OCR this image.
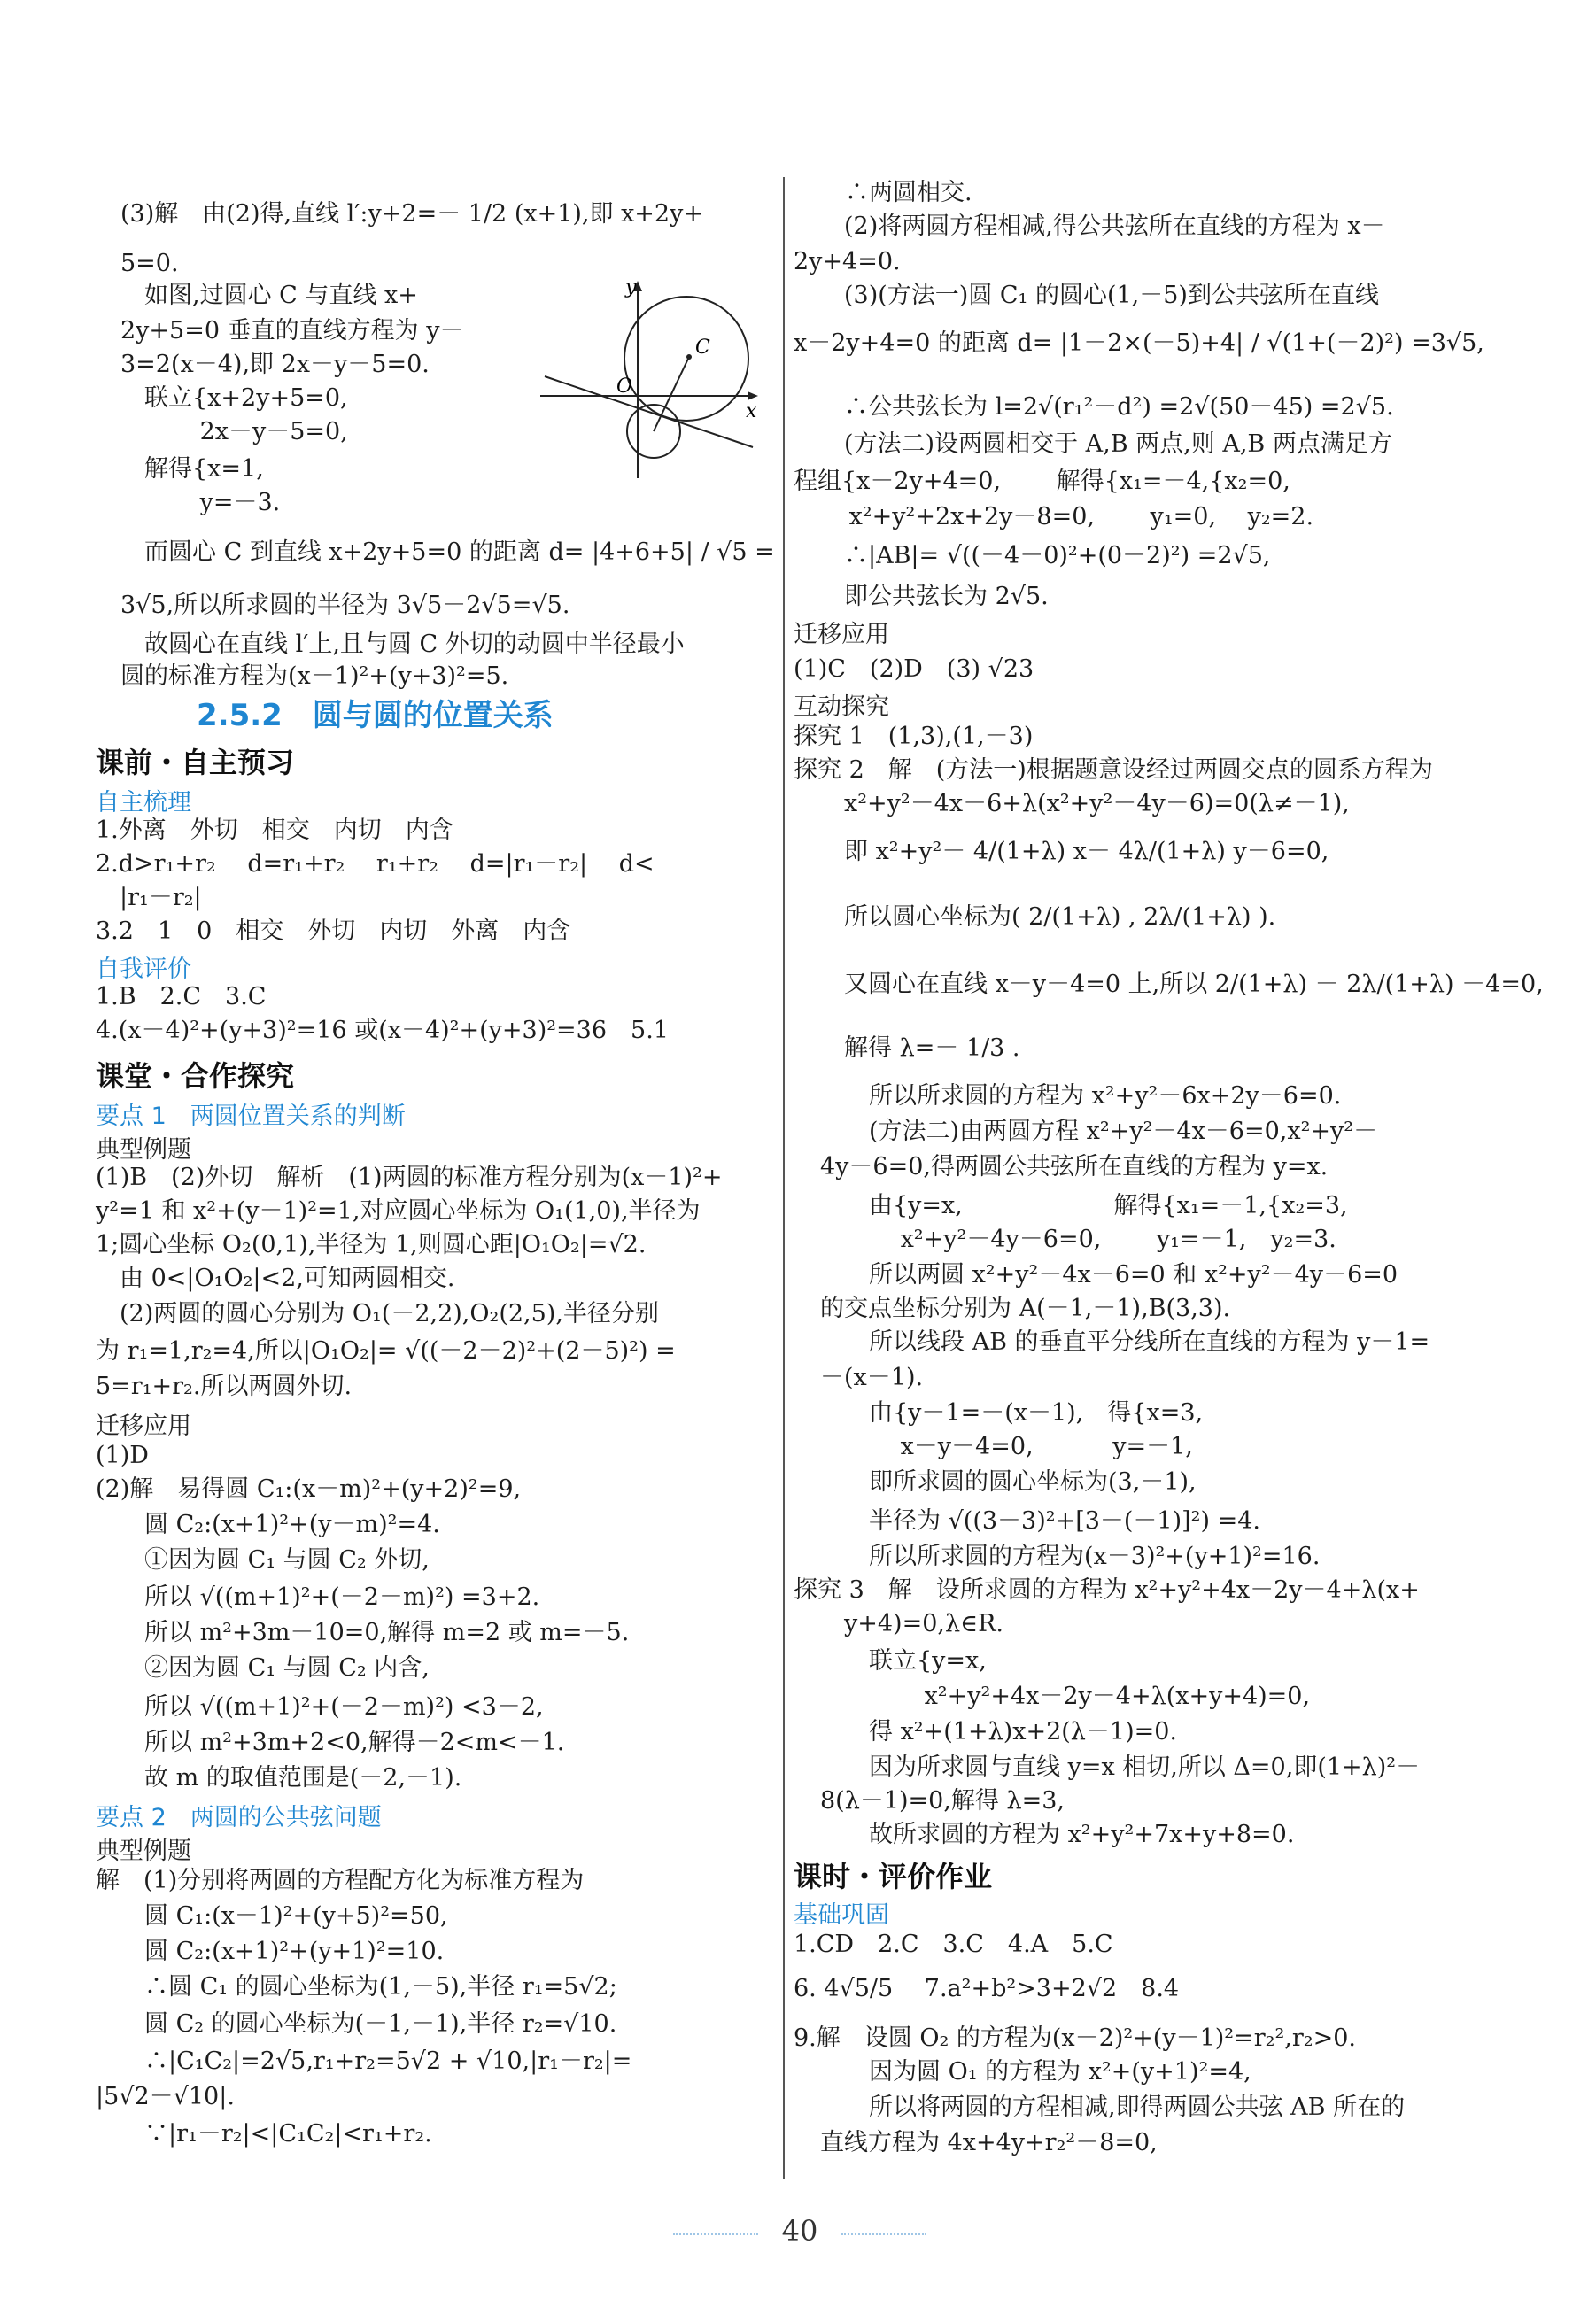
(3)解　由(2)得,直线 l′:y+2=－ 1/2 (x+1),即 x+2y+
5=0.
　如图,过圆心 C 与直线 x+
2y+5=0 垂直的直线方程为 y－
3=2(x－4),即 2x－y－5=0.
　联立{x+2y+5=0,
　　　 2x－y－5=0,
　解得{x=1,
　　　 y=－3.
　而圆心 C 到直线 x+2y+5=0 的距离 d= |4+6+5| / √5 =
3√5,所以所求圆的半径为 3√5－2√5=√5.
　故圆心在直线 l′上,且与圆 C 外切的动圆中半径最小
圆的标准方程为(x－1)²+(y+3)²=5.
y
x
O
C
2.5.2　圆与圆的位置关系
课前・自主预习
自主梳理
1.外离　外切　相交　内切　内含
2.d>r₁+r₂　 d=r₁+r₂　 r₁+r₂　 d=|r₁－r₂|　 d<
　|r₁－r₂|
3.2　1　0　相交　外切　内切　外离　内含
自我评价
1.B　2.C　3.C
4.(x－4)²+(y+3)²=16 或(x－4)²+(y+3)²=36　5.1
课堂・合作探究
要点 1　两圆位置关系的判断
典型例题
(1)B　(2)外切　解析　(1)两圆的标准方程分别为(x－1)²+
y²=1 和 x²+(y－1)²=1,对应圆心坐标为 O₁(1,0),半径为
1;圆心坐标 O₂(0,1),半径为 1,则圆心距|O₁O₂|=√2.
　由 0<|O₁O₂|<2,可知两圆相交.
　(2)两圆的圆心分别为 O₁(－2,2),O₂(2,5),半径分别
为 r₁=1,r₂=4,所以|O₁O₂|= √((－2－2)²+(2－5)²) =
5=r₁+r₂.所以两圆外切.
迁移应用
(1)D
(2)解　易得圆 C₁:(x－m)²+(y+2)²=9,
　圆 C₂:(x+1)²+(y－m)²=4.
　①因为圆 C₁ 与圆 C₂ 外切,
　所以 √((m+1)²+(－2－m)²) =3+2.
　所以 m²+3m－10=0,解得 m=2 或 m=－5.
　②因为圆 C₁ 与圆 C₂ 内含,
　所以 √((m+1)²+(－2－m)²) <3－2,
　所以 m²+3m+2<0,解得－2<m<－1.
　故 m 的取值范围是(－2,－1).
要点 2　两圆的公共弦问题
典型例题
解　(1)分别将两圆的方程配方化为标准方程为
　圆 C₁:(x－1)²+(y+5)²=50,
　圆 C₂:(x+1)²+(y+1)²=10.
　∴圆 C₁ 的圆心坐标为(1,－5),半径 r₁=5√2;
　圆 C₂ 的圆心坐标为(－1,－1),半径 r₂=√10.
　∴|C₁C₂|=2√5,r₁+r₂=5√2 + √10,|r₁－r₂|=
|5√2－√10|.
　∵|r₁－r₂|<|C₁C₂|<r₁+r₂.
∴两圆相交.
　(2)将两圆方程相减,得公共弦所在直线的方程为 x－
2y+4=0.
　(3)(方法一)圆 C₁ 的圆心(1,－5)到公共弦所在直线
x－2y+4=0 的距离 d= |1－2×(－5)+4| / √(1+(－2)²) =3√5,
　∴公共弦长为 l=2√(r₁²－d²) =2√(50－45) =2√5.
　(方法二)设两圆相交于 A,B 两点,则 A,B 两点满足方
程组{x－2y+4=0,　　 解得{x₁=－4,{x₂=0,
　　 x²+y²+2x+2y－8=0,　　 y₁=0,　 y₂=2.
　∴|AB|= √((－4－0)²+(0－2)²) =2√5,
　即公共弦长为 2√5.
迁移应用
(1)C　(2)D　(3) √23
互动探究
探究 1　(1,3),(1,－3)
探究 2　解　(方法一)根据题意设经过两圆交点的圆系方程为
　x²+y²－4x－6+λ(x²+y²－4y－6)=0(λ≠－1),
　即 x²+y²－ 4/(1+λ) x－ 4λ/(1+λ) y－6=0,
　所以圆心坐标为( 2/(1+λ) , 2λ/(1+λ) ).
　又圆心在直线 x－y－4=0 上,所以 2/(1+λ) － 2λ/(1+λ) －4=0,
　解得 λ=－ 1/3 .
　所以所求圆的方程为 x²+y²－6x+2y－6=0.
　(方法二)由两圆方程 x²+y²－4x－6=0,x²+y²－
4y－6=0,得两圆公共弦所在直线的方程为 y=x.
　由{y=x,　　　　　　 解得{x₁=－1,{x₂=3,
　　 x²+y²－4y－6=0,　　 y₁=－1,　y₂=3.
　所以两圆 x²+y²－4x－6=0 和 x²+y²－4y－6=0
的交点坐标分别为 A(－1,－1),B(3,3).
　所以线段 AB 的垂直平分线所在直线的方程为 y－1=
－(x－1).
　由{y－1=－(x－1),　得{x=3,
　　 x－y－4=0,　　　 y=－1,
　即所求圆的圆心坐标为(3,－1),
　半径为 √((3－3)²+[3－(－1)]²) =4.
　所以所求圆的方程为(x－3)²+(y+1)²=16.
探究 3　解　设所求圆的方程为 x²+y²+4x－2y－4+λ(x+
　y+4)=0,λ∈R.
　联立{y=x,
　　　 x²+y²+4x－2y－4+λ(x+y+4)=0,
　得 x²+(1+λ)x+2(λ－1)=0.
　因为所求圆与直线 y=x 相切,所以 Δ=0,即(1+λ)²－
8(λ－1)=0,解得 λ=3,
　故所求圆的方程为 x²+y²+7x+y+8=0.
课时・评价作业
基础巩固
1.CD　2.C　3.C　4.A　5.C
6. 4√5/5 　7.a²+b²>3+2√2　8.4
9.解　设圆 O₂ 的方程为(x－2)²+(y－1)²=r₂²,r₂>0.
　因为圆 O₁ 的方程为 x²+(y+1)²=4,
　所以将两圆的方程相减,即得两圆公共弦 AB 所在的
直线方程为 4x+4y+r₂²－8=0,
40
